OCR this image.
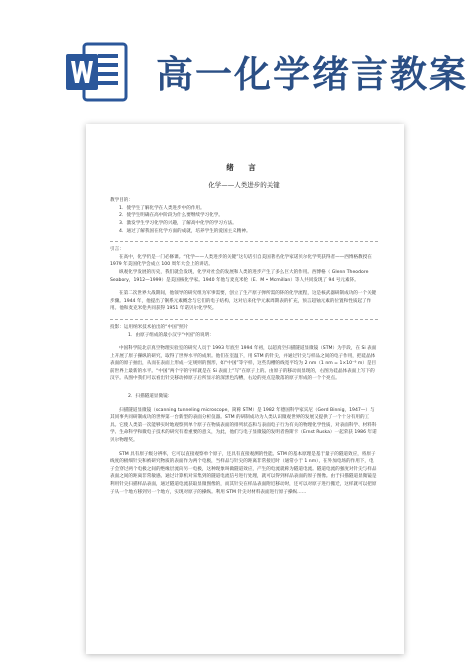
高一化学绪言教案

绪 言

化学——人类进步的关键

教学目的：

1．使学生了解化学在人类进步中的作用。

2．使学生明确在高中阶段为什么要继续学习化学。

3．激发学生学习化学的兴趣，了解高中化学的学习方法。

4．通过了解我国在化学方面的成就，培养学生的爱国主义精神。

引言：

在高中，化学仍是一门必修课。“化学——人类进步的关键”这句话引自美国著名化学家诺贝尔化学奖获得者——西博格教授在 1979 年美国化学会成立 100 周年大会上的讲话。

纵观化学发展的历史，我们就会发现，化学对社会的发展和人类的进步产生了多么巨大的作用。西博格（ Glenn Theodore Seabory，1912—1999）是美国核化学家。1940 年他与麦克米伦（E．M • Mcmillan）等人共同发现了 94 号元素钚。

在第二次世界大战期间，他领导的研究组为军事需要，创立了生产原子弹所需的钚的化学流程，这是核武器研制成功的一个关键步骤。1944 年，他提出了锕系元素概念与它们的电子结构，这对后来化学元素周期表的扩充，预言超铀元素的位置和性质起了作用。他和麦克米伦共同获得 1951 年诺贝尔化学奖。

投影：运用纳米技术拍出的“中国”照片

1．由原子组成的最小汉字“中国”的说明：

中国科学院北京真空物理实验室的研究人员于 1993 年底至 1994 年初，以超真空扫描隧道显微镜（STM）为手段，在 Si 表面上开展了原子操纵的研究，取得了世界水平的成果。他们在室温下，用 STM 的针尖，并通过针尖与样品之间的电子作用，把硅晶体表面的原子抽出，从而在表面上形成一定规则的图形，如“中国”等字样，这些沟槽的线宽平均为 2 nm（1 nm = 1×10⁻⁹ m）是目前世界上最新的水平。“中国”两个字的字样就是在 Si 表面上“写”在原子上的。由原子的移动而显现的，右图为硅晶体表面上写下的汉字。从图中我们可以看出针尖移动掉原子后所显示的深黑色沟槽，右边的亮点是散落的原子形成的一个个亮点。

2．扫描隧道显微镜：

扫描隧道显微镜（scanning tunneling microscope，简称 STM）是 1982 年德国科学家宾尼（Gerd Binnig，1947—）与其同事共同研制成功的世界第一台新型的表面分析仪器。STM 的研制成功为人类认识微观世界的发展又提供了一个十分有用的工具。它使人类第一次能够实时地观察到单个原子在物质表面的排列状态和与表面电子行为有关的物理化学性质，对表面科学、材料科学、生命科学和微电子技术的研究有着重要的意义，为此，他们与电子显微镜的发明者鲁斯卡（Ernst Ruska）一起荣获 1986 年诺贝尔物理奖。

STM 具有原子级分辨率，它可以直接观察单个原子，还具有直接观测的性能。STM 的基本原理是基于量子的隧道效应，将原子线度的极细针尖和被研究物质的表面作为两个电极，当样品与针尖的距离非常接近时（通常小于 1 nm），在外加电场的作用下，电子会穿过两个电极之间的绝缘层流向另一电极，这种现象叫做隧道效应，产生的电流就称为隧道电流。隧道电流的强度对针尖与样品表面之间的距离非常敏感。通过计算机对采集到的隧道电流信号进行处理，就可以得到样品表面的原子图像。由于扫描隧道显微镜是利用针尖扫描样品表面，通过隧道电流获取显微图像的，而其针尖在样品表面附近移动时，还可以对原子进行搬迁，这样就可以把原子从一个地方移到另一个地方，实现对原子的操纵。利用 STM 针尖对材料表面进行原子操纵……
